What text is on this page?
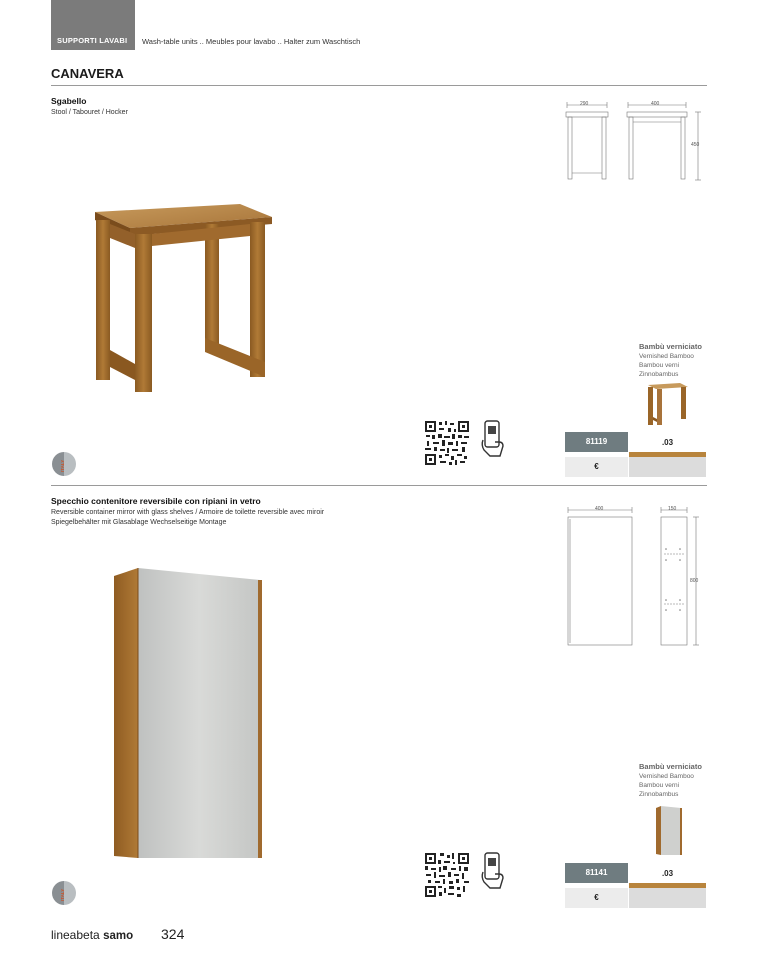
SUPPORTI LAVABI Wash-table units .. Meubles pour lavabo .. Halter zum Waschtisch
CANAVERA
Sgabello
Stool / Tabouret / Hocker
290	400
450
Bambù verniciato
Vernished Bamboo
Bambou verni
Zinnobambus
81119	.03
€
ITALY
Specchio contenitore reversibile con ripiani in vetro
Reversible container mirror with glass shelves / Armoire de toilette reversible avec miroir
Spiegelbehälter mit Glasablage Wechselseitige Montage
400	150
800
Bambù verniciato
Vernished Bamboo
Bambou verni
Zinnobambus
81141	.03
€
ITALY
lineabeta samo 324
